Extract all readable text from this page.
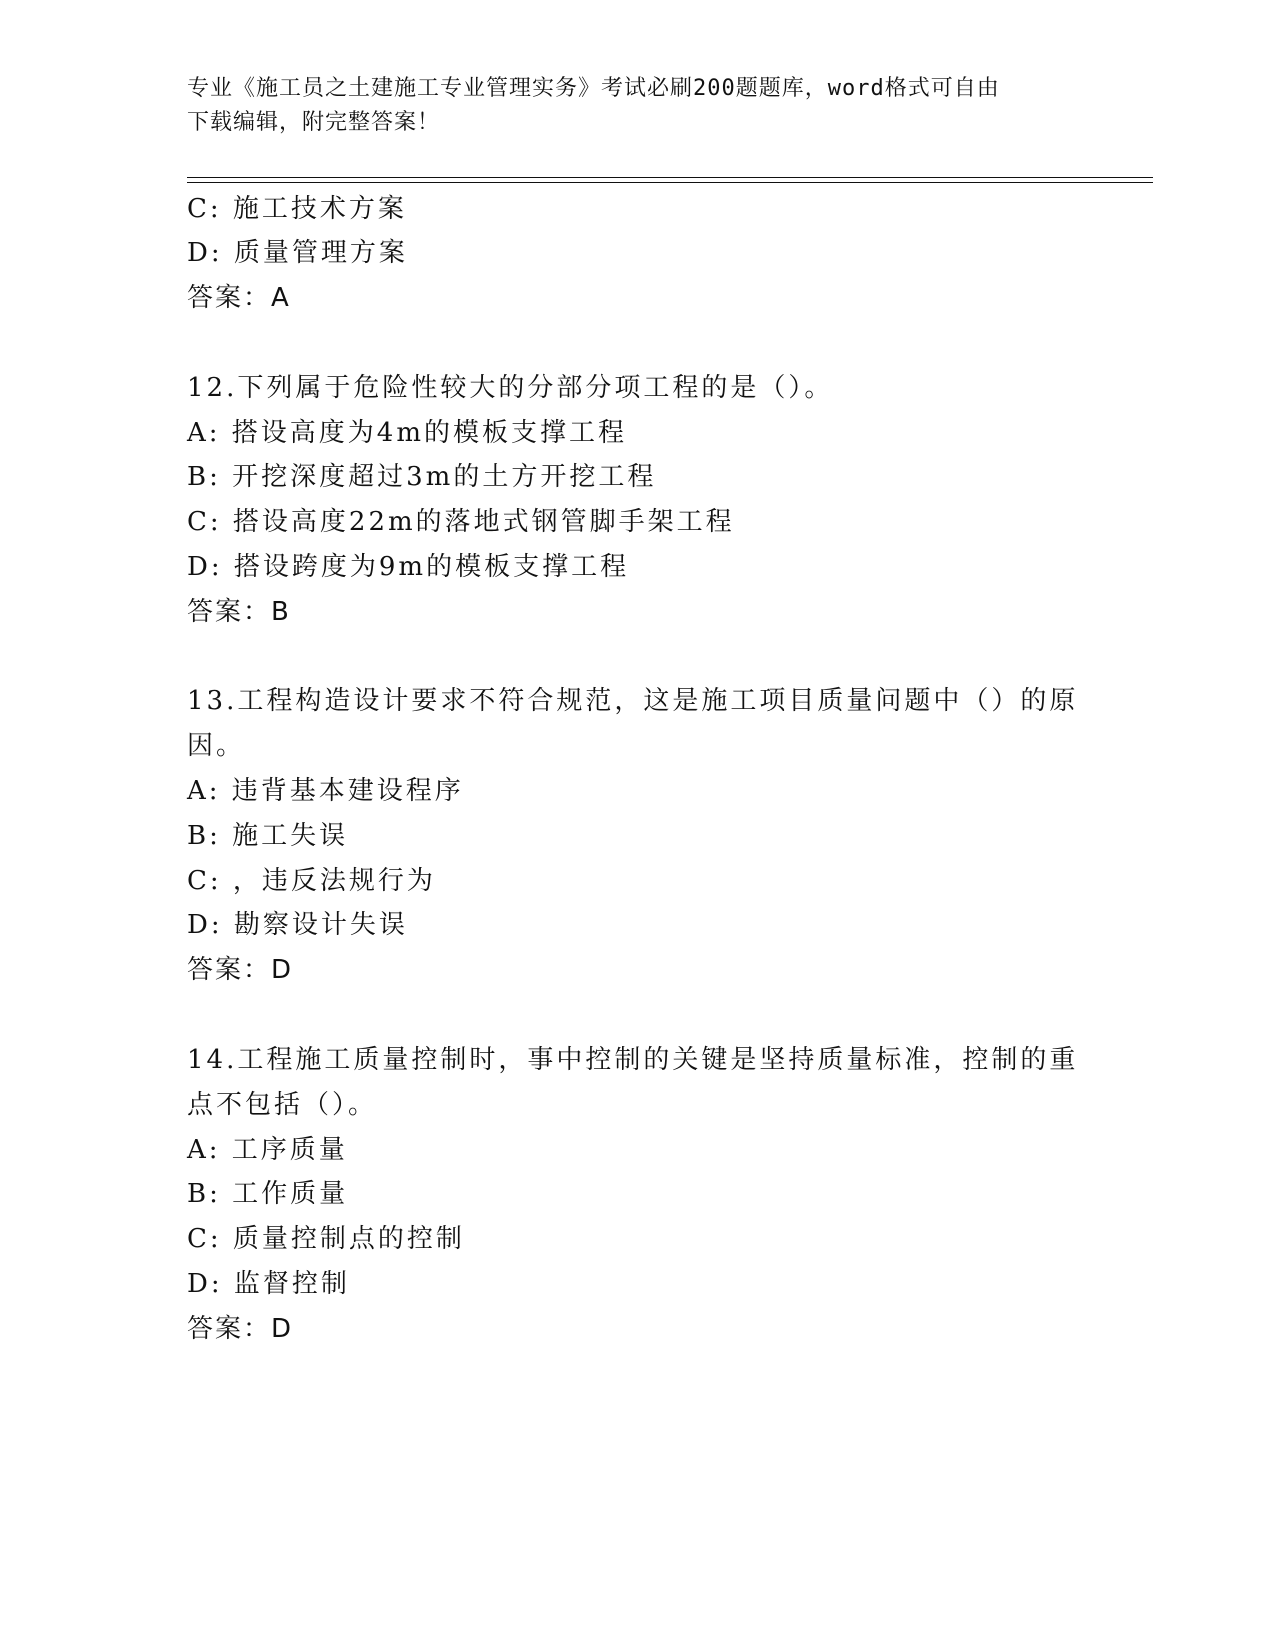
专业《施工员之土建施工专业管理实务》考试必刷200题题库，word格式可自由
下载编辑，附完整答案！
C: 施工技术方案
D: 质量管理方案
答案：A
12.下列属于危险性较大的分部分项工程的是（）。
A: 搭设高度为4m的模板支撑工程
B: 开挖深度超过3m的土方开挖工程
C: 搭设高度22m的落地式钢管脚手架工程
D: 搭设跨度为9m的模板支撑工程
答案：B
13.工程构造设计要求不符合规范，这是施工项目质量问题中（）的原
因。
A: 违背基本建设程序
B: 施工失误
C: ，违反法规行为
D: 勘察设计失误
答案：D
14.工程施工质量控制时，事中控制的关键是坚持质量标准，控制的重
点不包括（）。
A: 工序质量
B: 工作质量
C: 质量控制点的控制
D: 监督控制
答案：D
